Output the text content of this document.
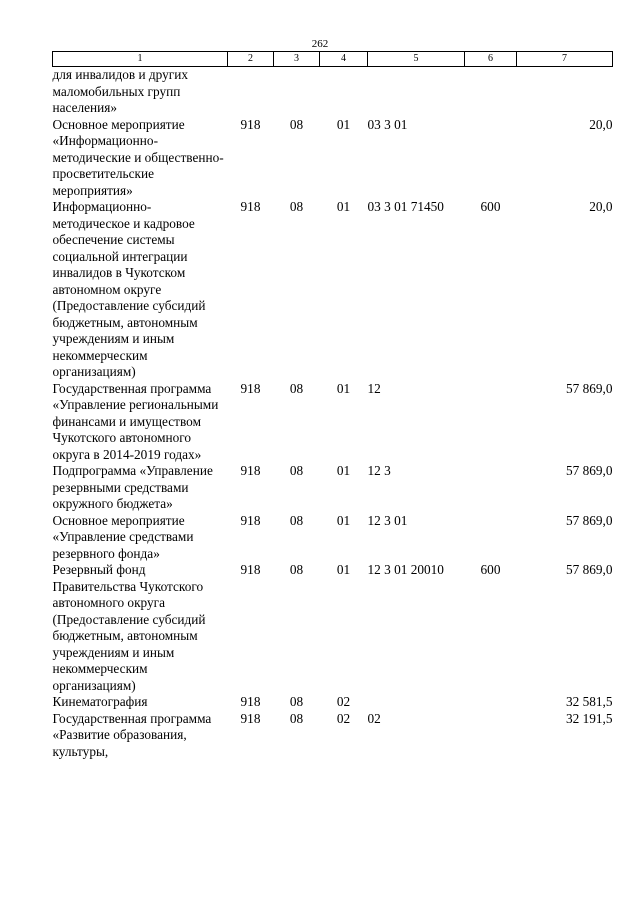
262
1	2	3	4	5	6	7
для инвалидов и других маломобильных групп населения»						
Основное мероприятие «Информационно-методические и общественно-просветительские мероприятия»	918	08	01	03 3 01		20,0
Информационно-методическое и кадровое обеспечение системы социальной интеграции инвалидов в Чукотском автономном округе (Предоставление субсидий бюджетным, автономным учреждениям и иным некоммерческим организациям)	918	08	01	03 3 01 71450	600	20,0
Государственная программа «Управление региональными финансами и имуществом Чукотского автономного округа в 2014-2019 годах»	918	08	01	12		57 869,0
Подпрограмма «Управление резервными средствами окружного бюджета»	918	08	01	12 3		57 869,0
Основное мероприятие «Управление средствами резервного фонда»	918	08	01	12 3 01		57 869,0
Резервный фонд Правительства Чукотского автономного округа (Предоставление субсидий бюджетным, автономным учреждениям и иным некоммерческим организациям)	918	08	01	12 3 01 20010	600	57 869,0
Кинематография	918	08	02			32 581,5
Государственная программа «Развитие образования, культуры,	918	08	02	02		32 191,5
